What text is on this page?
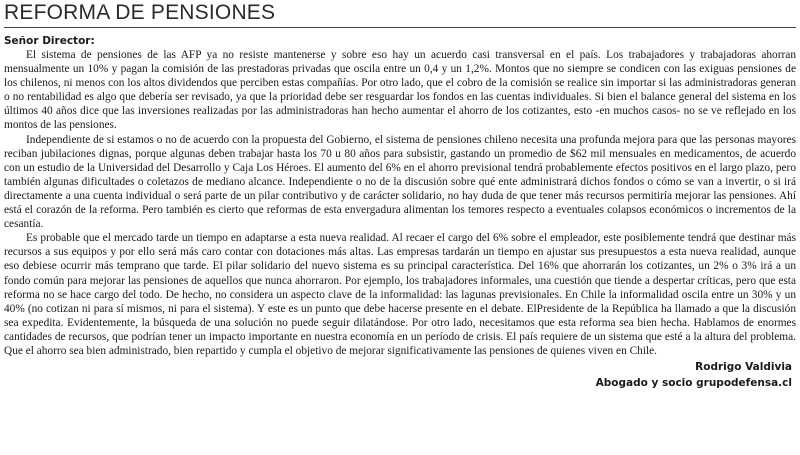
REFORMA DE PENSIONES
Señor Director:

El sistema de pensiones de las AFP ya no resiste mantenerse y sobre eso hay un acuerdo casi transversal en el país. Los trabajadores y trabajadoras ahorran mensualmente un 10% y pagan la comisión de las prestadoras privadas que oscila entre un 0,4 y un 1,2%. Montos que no siempre se condicen con las exiguas pensiones de los chilenos, ni menos con los altos dividendos que perciben estas compañías. Por otro lado, que el cobro de la comisión se realice sin importar si las administradoras generan o no rentabilidad es algo que debería ser revisado, ya que la prioridad debe ser resguardar los fondos en las cuentas individuales. Si bien el balance general del sistema en los últimos 40 años dice que las inversiones realizadas por las administradoras han hecho aumentar el ahorro de los cotizantes, esto -en muchos casos- no se ve reflejado en los montos de las pensiones.

Independiente de si estamos o no de acuerdo con la propuesta del Gobierno, el sistema de pensiones chileno necesita una profunda mejora para que las personas mayores reciban jubilaciones dignas, porque algunas deben trabajar hasta los 70 u 80 años para subsistir, gastando un promedio de $62 mil mensuales en medicamentos, de acuerdo con un estudio de la Universidad del Desarrollo y Caja Los Héroes. El aumento del 6% en el ahorro previsional tendrá probablemente efectos positivos en el largo plazo, pero también algunas dificultades o coletazos de mediano alcance. Independiente o no de la discusión sobre qué ente administrará dichos fondos o cómo se van a invertir, o si irá directamente a una cuenta individual o será parte de un pilar contributivo y de carácter solidario, no hay duda de que tener más recursos permitiría mejorar las pensiones. Ahí está el corazón de la reforma. Pero también es cierto que reformas de esta envergadura alimentan los temores respecto a eventuales colapsos económicos o incrementos de la cesantía.

Es probable que el mercado tarde un tiempo en adaptarse a esta nueva realidad. Al recaer el cargo del 6% sobre el empleador, este posiblemente tendrá que destinar más recursos a sus equipos y por ello será más caro contar con dotaciones más altas. Las empresas tardarán un tiempo en ajustar sus presupuestos a esta nueva realidad, aunque eso debiese ocurrir más temprano que tarde. El pilar solidario del nuevo sistema es su principal característica. Del 16% que ahorrarán los cotizantes, un 2% o 3% irá a un fondo común para mejorar las pensiones de aquellos que nunca ahorraron. Por ejemplo, los trabajadores informales, una cuestión que tiende a despertar críticas, pero que esta reforma no se hace cargo del todo. De hecho, no considera un aspecto clave de la informalidad: las lagunas previsionales. En Chile la informalidad oscila entre un 30% y un 40% (no cotizan ni para sí mismos, ni para el sistema). Y este es un punto que debe hacerse presente en el debate. ElPresidente de la República ha llamado a que la discusión sea expedita. Evidentemente, la búsqueda de una solución no puede seguir dilatándose. Por otro lado, necesitamos que esta reforma sea bien hecha. Hablamos de enormes cantidades de recursos, que podrían tener un impacto importante en nuestra economía en un período de crisis. El país requiere de un sistema que esté a la altura del problema. Que el ahorro sea bien administrado, bien repartido y cumpla el objetivo de mejorar significativamente las pensiones de quienes viven en Chile.

Rodrigo Valdivia
Abogado y socio grupodefensa.cl
